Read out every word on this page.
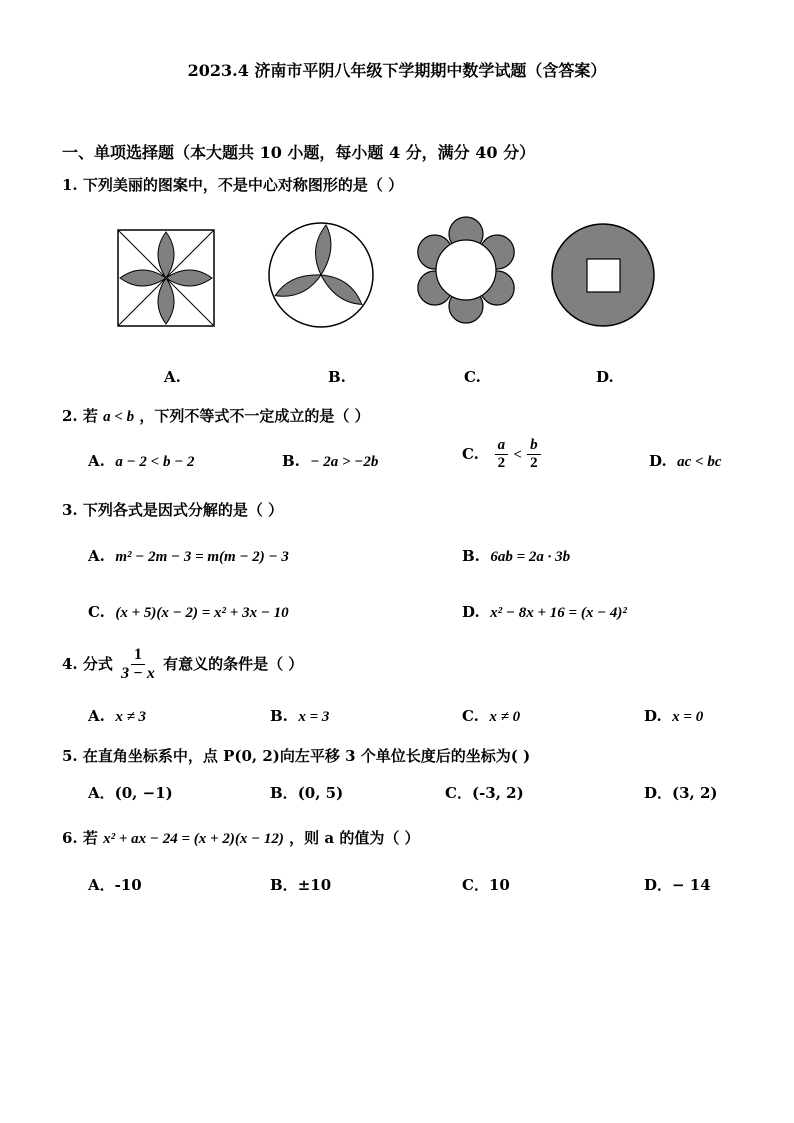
2023.4 济南市平阴八年级下学期期中数学试题（含答案）
一、单项选择题（本大题共 10 小题，每小题 4 分，满分 40 分）
1. 下列美丽的图案中，不是中心对称图形的是（ ）
A.	B.	C.	D.
2. 若 a < b ，下列不等式不一定成立的是（ ）
A. a − 2 < b − 2	B. − 2a > −2b	C. $\frac{a}{2} < \frac{b}{2}$	D. ac < bc
3. 下列各式是因式分解的是（ ）
A. m² − 2m − 3 = m(m − 2) − 3	B. 6ab = 2a · 3b
C. (x + 5)(x − 2) = x² + 3x − 10	D. x² − 8x + 16 = (x − 4)²
4. 分式 $\frac{1}{3 - x}$ 有意义的条件是（ ）
A. x ≠ 3	B. x = 3	C. x ≠ 0	D. x = 0
5. 在直角坐标系中，点 P(0, 2)向左平移 3 个单位长度后的坐标为( )
A．(0, −1)	B．(0, 5)	C．(-3, 2)	D．(3, 2)
6. 若 x² + ax − 24 = (x + 2)(x − 12) ，则 a 的值为（ ）
A．-10	B．±10	C．10	D．− 14
